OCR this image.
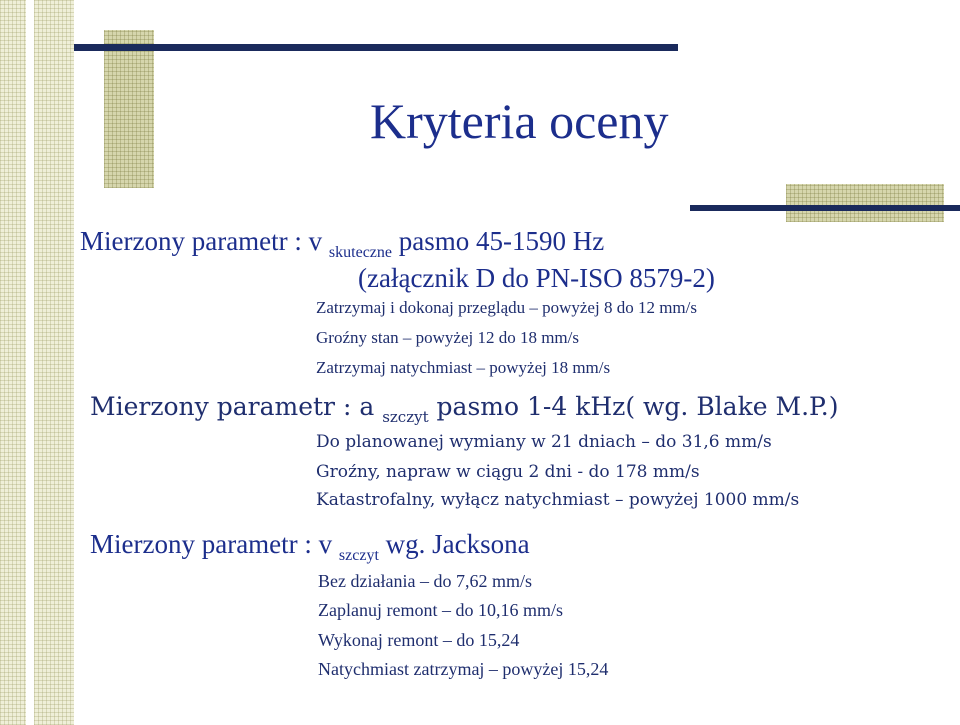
Kryteria oceny
Mierzony parametr : v $_{skuteczne}$ pasmo 45-1590 Hz
(załącznik D do PN-ISO 8579-2)
Zatrzymaj i dokonaj przeglądu – powyżej 8 do 12 mm/s
Groźny stan – powyżej 12 do 18 mm/s
Zatrzymaj natychmiast – powyżej 18 mm/s
Mierzony parametr : a $_{szczyt}$ pasmo 1-4 kHz( wg. Blake M.P.)
Do planowanej wymiany w 21 dniach – do 31,6 mm/s
Groźny, napraw w ciągu 2 dni - do 178 mm/s
Katastrofalny, wyłącz natychmiast – powyżej 1000 mm/s
Mierzony parametr : v $_{szczyt}$ wg. Jacksona
Bez działania – do 7,62 mm/s
Zaplanuj remont – do 10,16 mm/s
Wykonaj remont – do 15,24
Natychmiast zatrzymaj – powyżej 15,24
